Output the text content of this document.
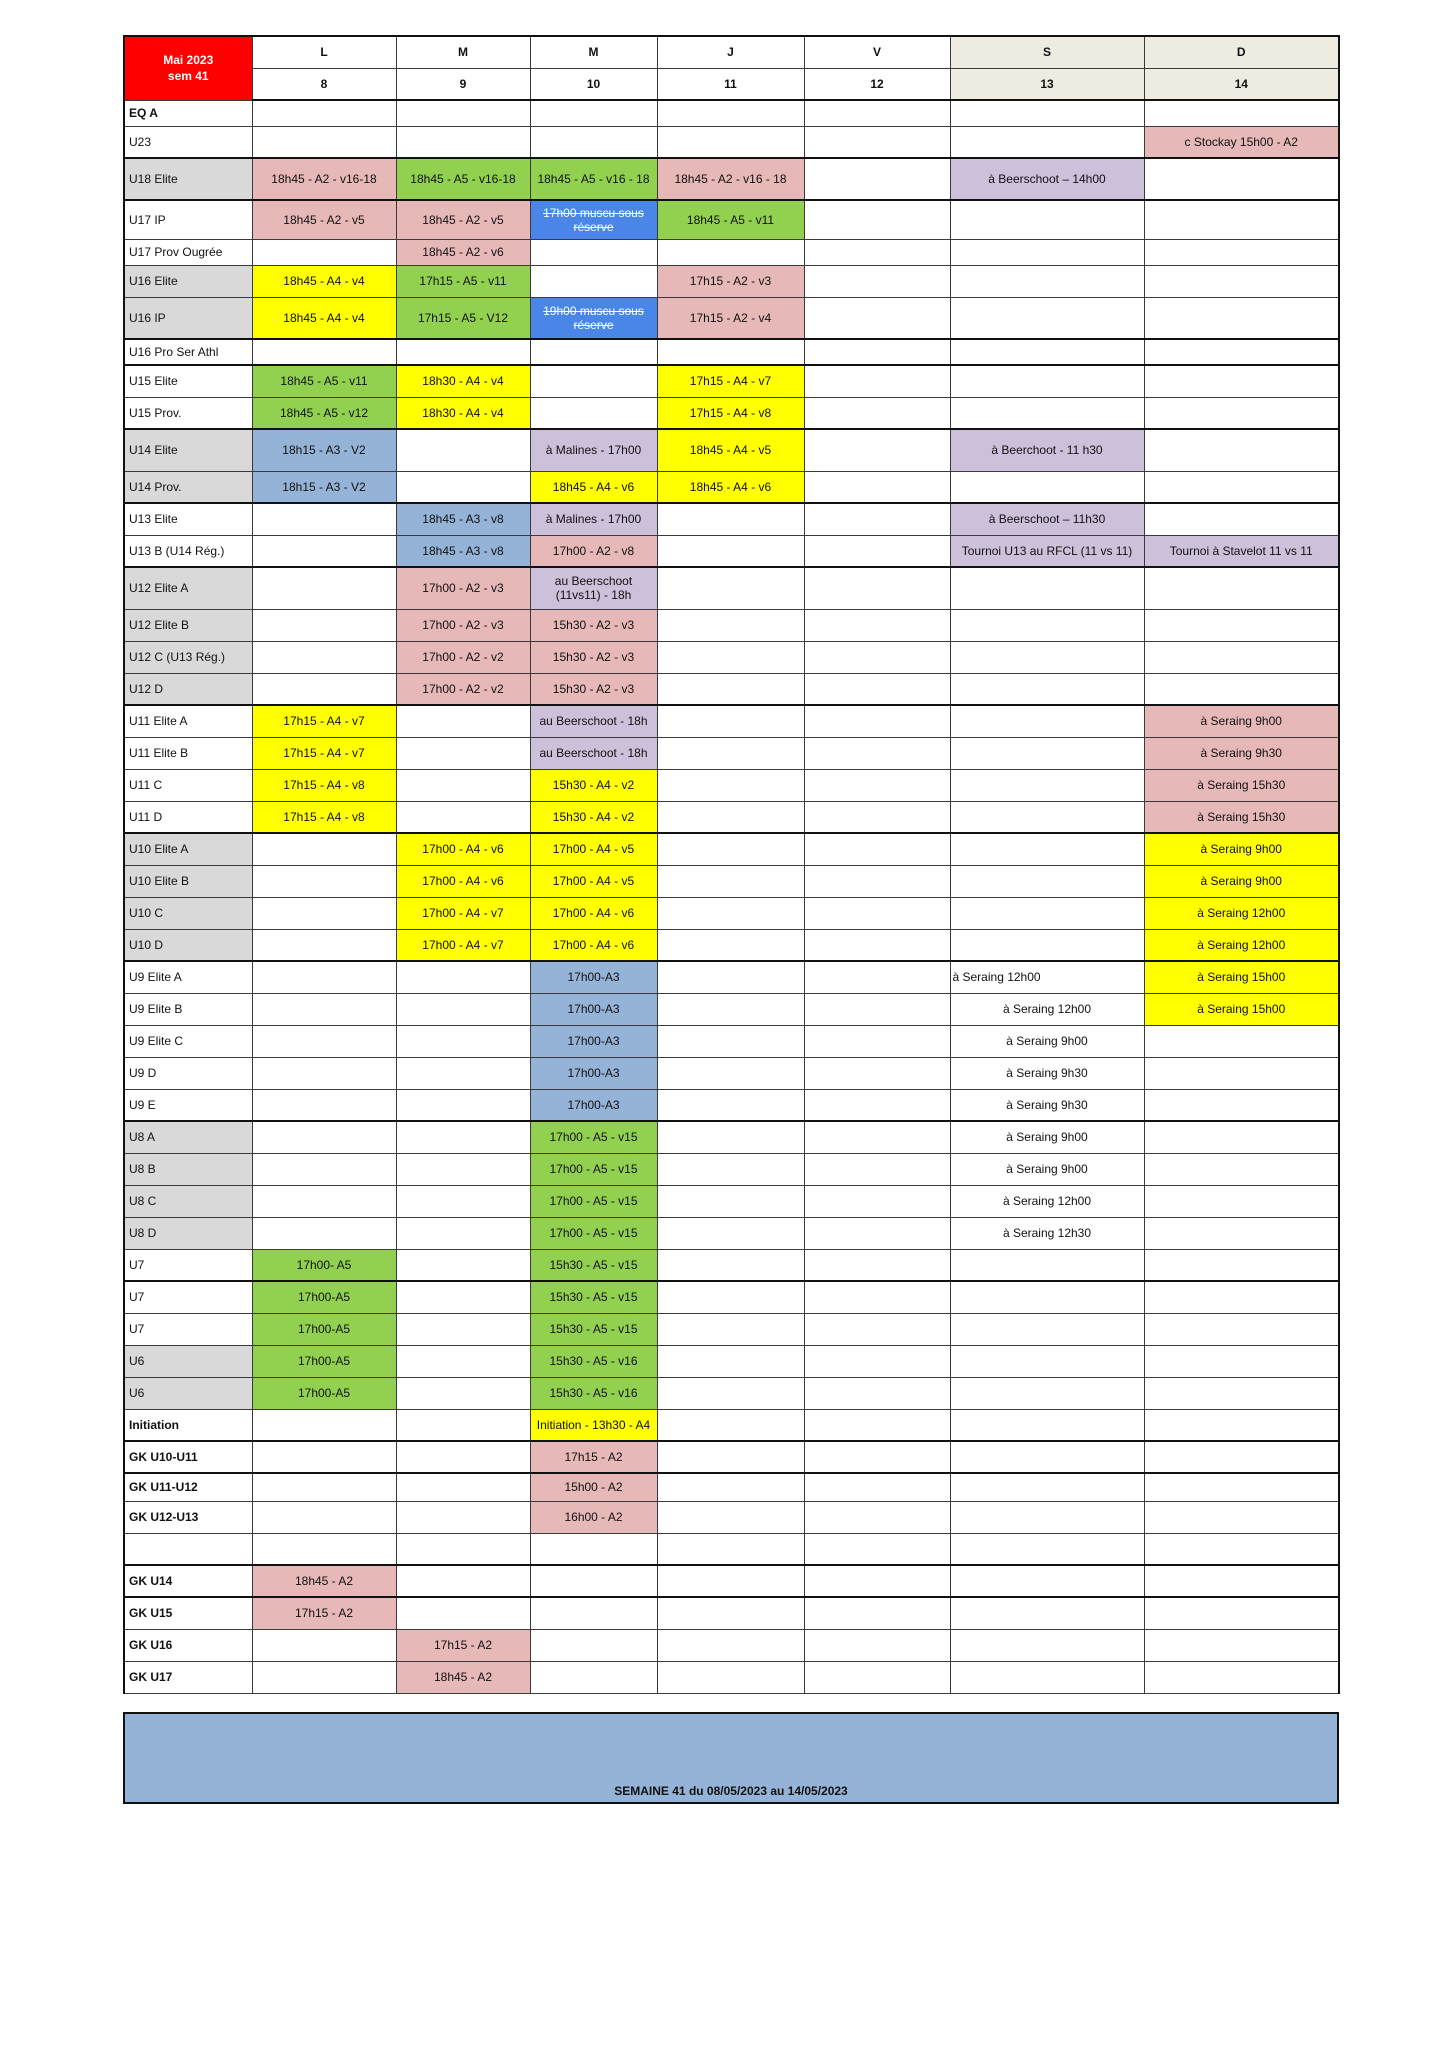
Mai 2023
sem 41	L	M	M	J	V	S	D
	8	9	10	11	12	13	14
EQ A							
U23							c Stockay 15h00 - A2
U18 Elite	18h45 - A2 - v16-18	18h45 - A5 - v16-18	18h45 - A5 - v16 - 18	18h45 - A2 - v16 - 18		à Beerschoot – 14h00	
U17 IP	18h45 - A2 - v5	18h45 - A2 - v5	17h00 muscu sous réserve	18h45 - A5 - v11			
U17 Prov Ougrée		18h45 - A2 - v6					
U16 Elite	18h45 - A4 - v4	17h15 - A5 - v11		17h15 - A2 - v3			
U16 IP	18h45 - A4 - v4	17h15 - A5 - V12	19h00 muscu sous réserve	17h15 - A2 - v4			
U16 Pro Ser Athl							
U15 Elite	18h45 - A5 - v11	18h30 - A4 - v4		17h15 - A4 - v7			
U15 Prov.	18h45 - A5 - v12	18h30 - A4 - v4		17h15 - A4 - v8			
U14 Elite	18h15 - A3 - V2		à Malines - 17h00	18h45 - A4 - v5		à Beerchoot - 11 h30	
U14 Prov.	18h15 - A3 - V2		18h45 - A4 - v6	18h45 - A4 - v6			
U13 Elite		18h45 - A3 - v8	à Malines - 17h00			à Beerschoot – 11h30	
U13 B (U14 Rég.)		18h45 - A3 - v8	17h00 - A2 - v8			Tournoi U13 au RFCL (11 vs 11)	Tournoi à Stavelot 11 vs 11
U12 Elite A		17h00 - A2 - v3	au Beerschoot (11vs11) - 18h				
U12 Elite B		17h00 - A2 - v3	15h30 - A2 - v3				
U12 C (U13 Rég.)		17h00 - A2 - v2	15h30 - A2 - v3				
U12 D		17h00 - A2 - v2	15h30 - A2 - v3				
U11 Elite A	17h15 - A4 - v7		au Beerschoot - 18h				à Seraing 9h00
U11 Elite B	17h15 - A4 - v7		au Beerschoot - 18h				à Seraing 9h30
U11 C	17h15 - A4 - v8		15h30 - A4 - v2				à Seraing 15h30
U11 D	17h15 - A4 - v8		15h30 - A4 - v2				à Seraing 15h30
U10 Elite A		17h00 - A4 - v6	17h00 - A4 - v5				à Seraing 9h00
U10 Elite B		17h00 - A4 - v6	17h00 - A4 - v5				à Seraing 9h00
U10 C		17h00 - A4 - v7	17h00 - A4 - v6				à Seraing 12h00
U10 D		17h00 - A4 - v7	17h00 - A4 - v6				à Seraing 12h00
U9 Elite A			17h00-A3			à Seraing 12h00	à Seraing 15h00
U9 Elite B			17h00-A3			à Seraing 12h00	à Seraing 15h00
U9 Elite C			17h00-A3			à Seraing 9h00	
U9 D			17h00-A3			à Seraing 9h30	
U9 E			17h00-A3			à Seraing 9h30	
U8 A			17h00 - A5 - v15			à Seraing 9h00	
U8 B			17h00 - A5 - v15			à Seraing 9h00	
U8 C			17h00 - A5 - v15			à Seraing 12h00	
U8 D			17h00 - A5 - v15			à Seraing 12h30	
U7	17h00- A5		15h30 - A5 - v15				
U7	17h00-A5		15h30 - A5 - v15				
U7	17h00-A5		15h30 - A5 - v15				
U6	17h00-A5		15h30 - A5 - v16				
U6	17h00-A5		15h30 - A5 - v16				
Initiation			Initiation - 13h30 - A4				
GK U10-U11			17h15 - A2				
GK U11-U12			15h00 - A2				
GK U12-U13			16h00 - A2				

GK U14	18h45 - A2						
GK U15	17h15 - A2						
GK U16		17h15 - A2					
GK U17		18h45 - A2					
SEMAINE 41 du 08/05/2023 au 14/05/2023
